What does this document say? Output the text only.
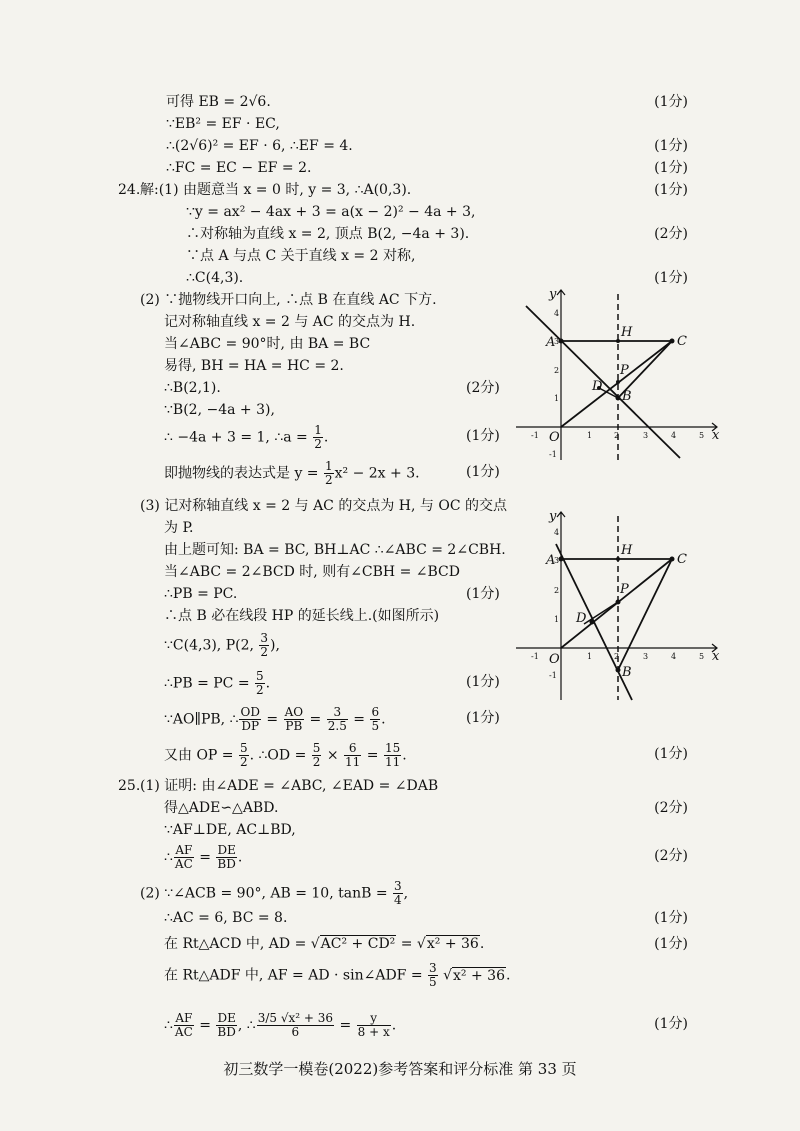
可得 EB = 2√6.	(1分)
∵EB² = EF · EC,
∴(2√6)² = EF · 6, ∴EF = 4.	(1分)
∴FC = EC − EF = 2.	(1分)
24. 解:(1) 由题意当 x = 0 时, y = 3, ∴A(0,3).	(1分)
∵y = ax² − 4ax + 3 = a(x − 2)² − 4a + 3,
∴对称轴为直线 x = 2, 顶点 B(2, −4a + 3).	(2分)
∵点 A 与点 C 关于直线 x = 2 对称,
∴C(4,3).	(1分)
(2) ∵抛物线开口向上, ∴点 B 在直线 AC 下方.
记对称轴直线 x = 2 与 AC 的交点为 H.
当∠ABC = 90°时, 由 BA = BC
易得, BH = HA = HC = 2.
∴B(2,1).	(2分)
∵B(2, −4a + 3),
∴ −4a + 3 = 1, ∴a = $\frac{1}{2}$ .	(1分)
即抛物线的表达式是 $y = \frac{1}{2} x^2 - 2x + 3$.	(1分)
(3) 记对称轴直线 x = 2 与 AC 的交点为 H, 与 OC 的交点
为 P.
由上题可知: BA = BC, BH⊥AC ∴∠ABC = 2∠CBH.
当∠ABC = 2∠BCD 时, 则有∠CBH = ∠BCD
∴PB = PC.	(1分)
∴点 B 必在线段 HP 的延长线上.(如图所示)
∵C(4,3), P(2, $\frac{3}{2}$ ),
∴PB = PC = $\frac{5}{2}$ .	(1分)
∵AO∥PB, ∴ $\frac{OD}{DP} = \frac{AO}{PB} = \frac{3}{2.5} = \frac{6}{5}$ .	(1分)
又由 OP = $\frac{5}{2}$ . ∴OD = $\frac{5}{2} \times \frac{6}{11} = \frac{15}{11}$ .	(1分)
25. (1) 证明: 由∠ADE = ∠ABC, ∠EAD = ∠DAB
得△ADE∽△ABD.	(2分)
∵AF⊥DE, AC⊥BD,
∴ $\frac{AF}{AC} = \frac{DE}{BD}$ .	(2分)
(2) ∵∠ACB = 90°, AB = 10, $\tan B = \frac{3}{4}$ ,
∴AC = 6, BC = 8.	(1分)
在 Rt△ACD 中, AD = √AC² + CD² = √x² + 36.	(1分)
在 Rt△ADF 中, AF = AD · sin∠ADF = $\frac{3}{5} √x^2 + 36$.
∴ $\frac{AF}{AC} = \frac{DE}{BD}$ , ∴ $\frac{\text{3/5 √x² + 36}}{6} = \frac{y}{8 + x}$ .	(1分)
x
y
O
A
H
C
D
P
B
-1	1	2	3	4	5
4
3
2
1
-1
x
y
O
A
H
C
P
D
B
-1	1	2	3	4	5
4
3
2
1
-1
初三数学一模卷(2022)参考答案和评分标准 第 33 页
